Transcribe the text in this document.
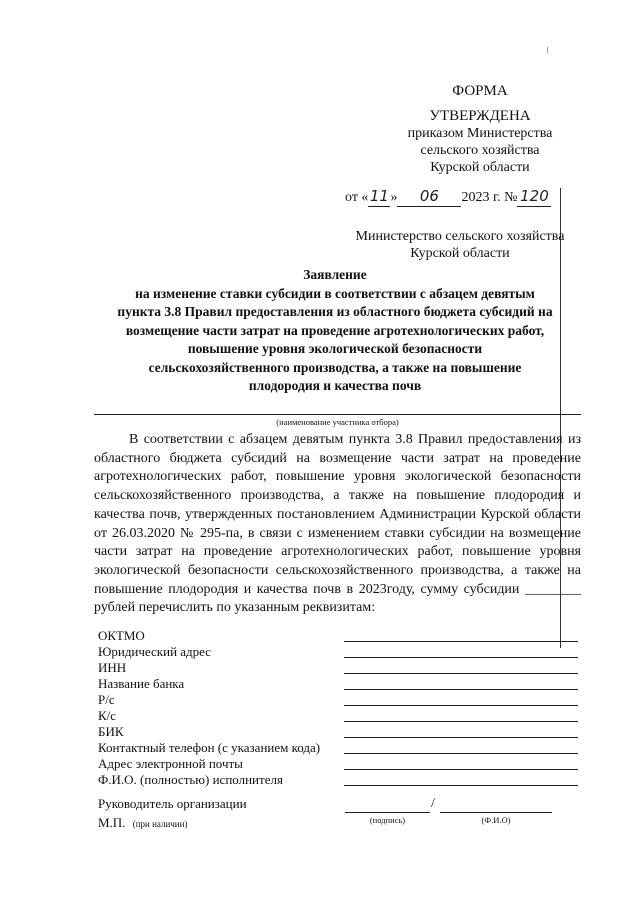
ФОРМА
УТВЕРЖДЕНА
приказом Министерства
сельского хозяйства
Курской области
от «11» 06 2023 г. № 120
Министерство сельского хозяйства
Курской области
Заявление
на изменение ставки субсидии в соответствии с абзацем девятым
пункта 3.8 Правил предоставления из областного бюджета субсидий на
возмещение части затрат на проведение агротехнологических работ,
повышение уровня экологической безопасности
сельскохозяйственного производства, а также на повышение
плодородия и качества почв
(наименование участника отбора)

В соответствии с абзацем девятым пункта 3.8 Правил предоставления из областного бюджета субсидий на возмещение части затрат на проведение агротехнологических работ, повышение уровня экологической безопасности сельскохозяйственного производства, а также на повышение плодородия и качества почв, утвержденных постановлением Администрации Курской области от 26.03.2020 № 295-па, в связи с изменением ставки субсидии на возмещение части затрат на проведение агротехнологических работ, повышение уровня экологической безопасности сельскохозяйственного производства, а также на повышение плодородия и качества почв в 2023году, сумму субсидии ________ рублей перечислить по указанным реквизитам:

ОКТМО
Юридический адрес
ИНН
Название банка
Р/с
К/с
БИК
Контактный телефон (с указанием кода)
Адрес электронной почты
Ф.И.О. (полностью) исполнителя
Руководитель организации	/
(подпись)	(Ф.И.О)
М.П. (при наличии)
